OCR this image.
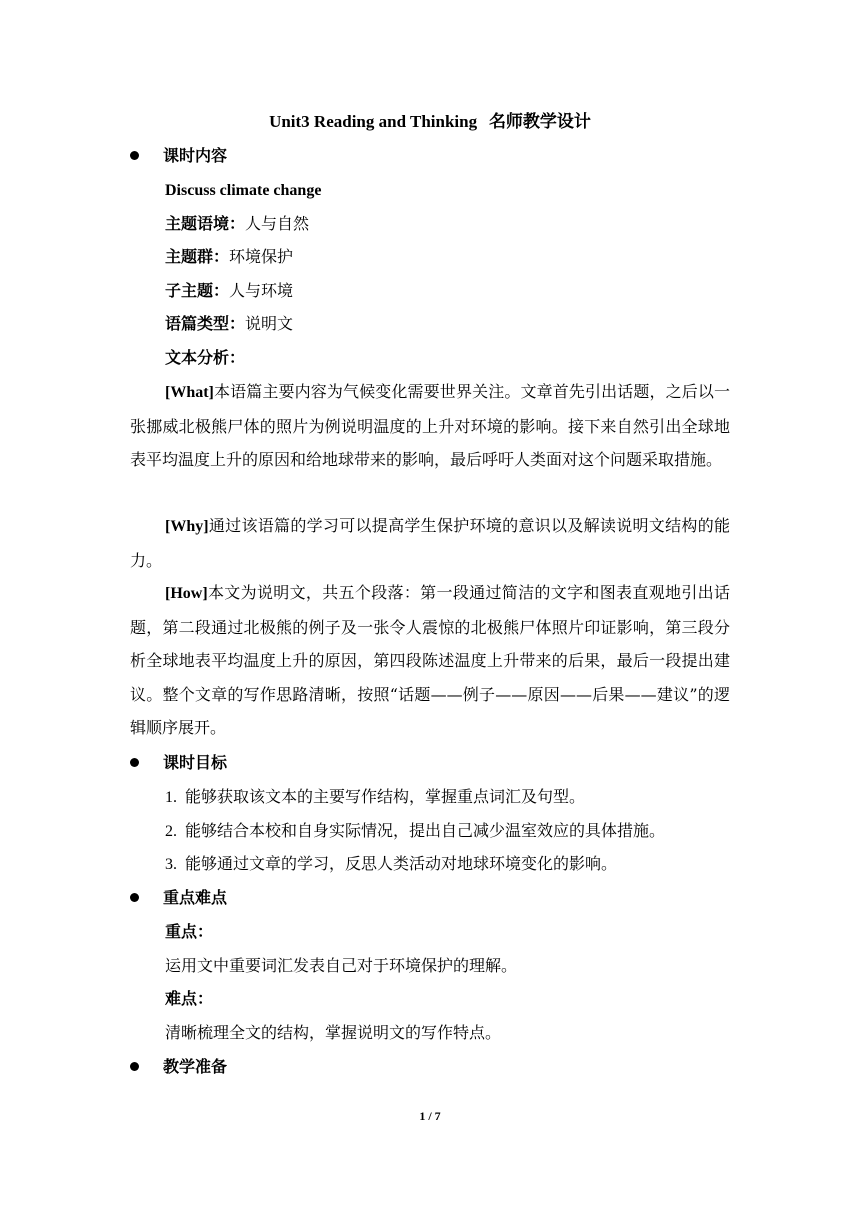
Unit3 Reading and Thinking 名师教学设计
课时内容
Discuss climate change
主题语境：人与自然
主题群：环境保护
子主题：人与环境
语篇类型：说明文
文本分析：
[What]本语篇主要内容为气候变化需要世界关注。文章首先引出话题，之后以一张挪威北极熊尸体的照片为例说明温度的上升对环境的影响。接下来自然引出全球地表平均温度上升的原因和给地球带来的影响，最后呼吁人类面对这个问题采取措施。
[Why]通过该语篇的学习可以提高学生保护环境的意识以及解读说明文结构的能力。
[How]本文为说明文，共五个段落：第一段通过简洁的文字和图表直观地引出话题，第二段通过北极熊的例子及一张令人震惊的北极熊尸体照片印证影响，第三段分析全球地表平均温度上升的原因，第四段陈述温度上升带来的后果，最后一段提出建议。整个文章的写作思路清晰，按照“话题——例子——原因——后果——建议”的逻辑顺序展开。
课时目标
1. 能够获取该文本的主要写作结构，掌握重点词汇及句型。
2. 能够结合本校和自身实际情况，提出自己减少温室效应的具体措施。
3. 能够通过文章的学习，反思人类活动对地球环境变化的影响。
重点难点
重点：
运用文中重要词汇发表自己对于环境保护的理解。
难点：
清晰梳理全文的结构，掌握说明文的写作特点。
教学准备
1 / 7
